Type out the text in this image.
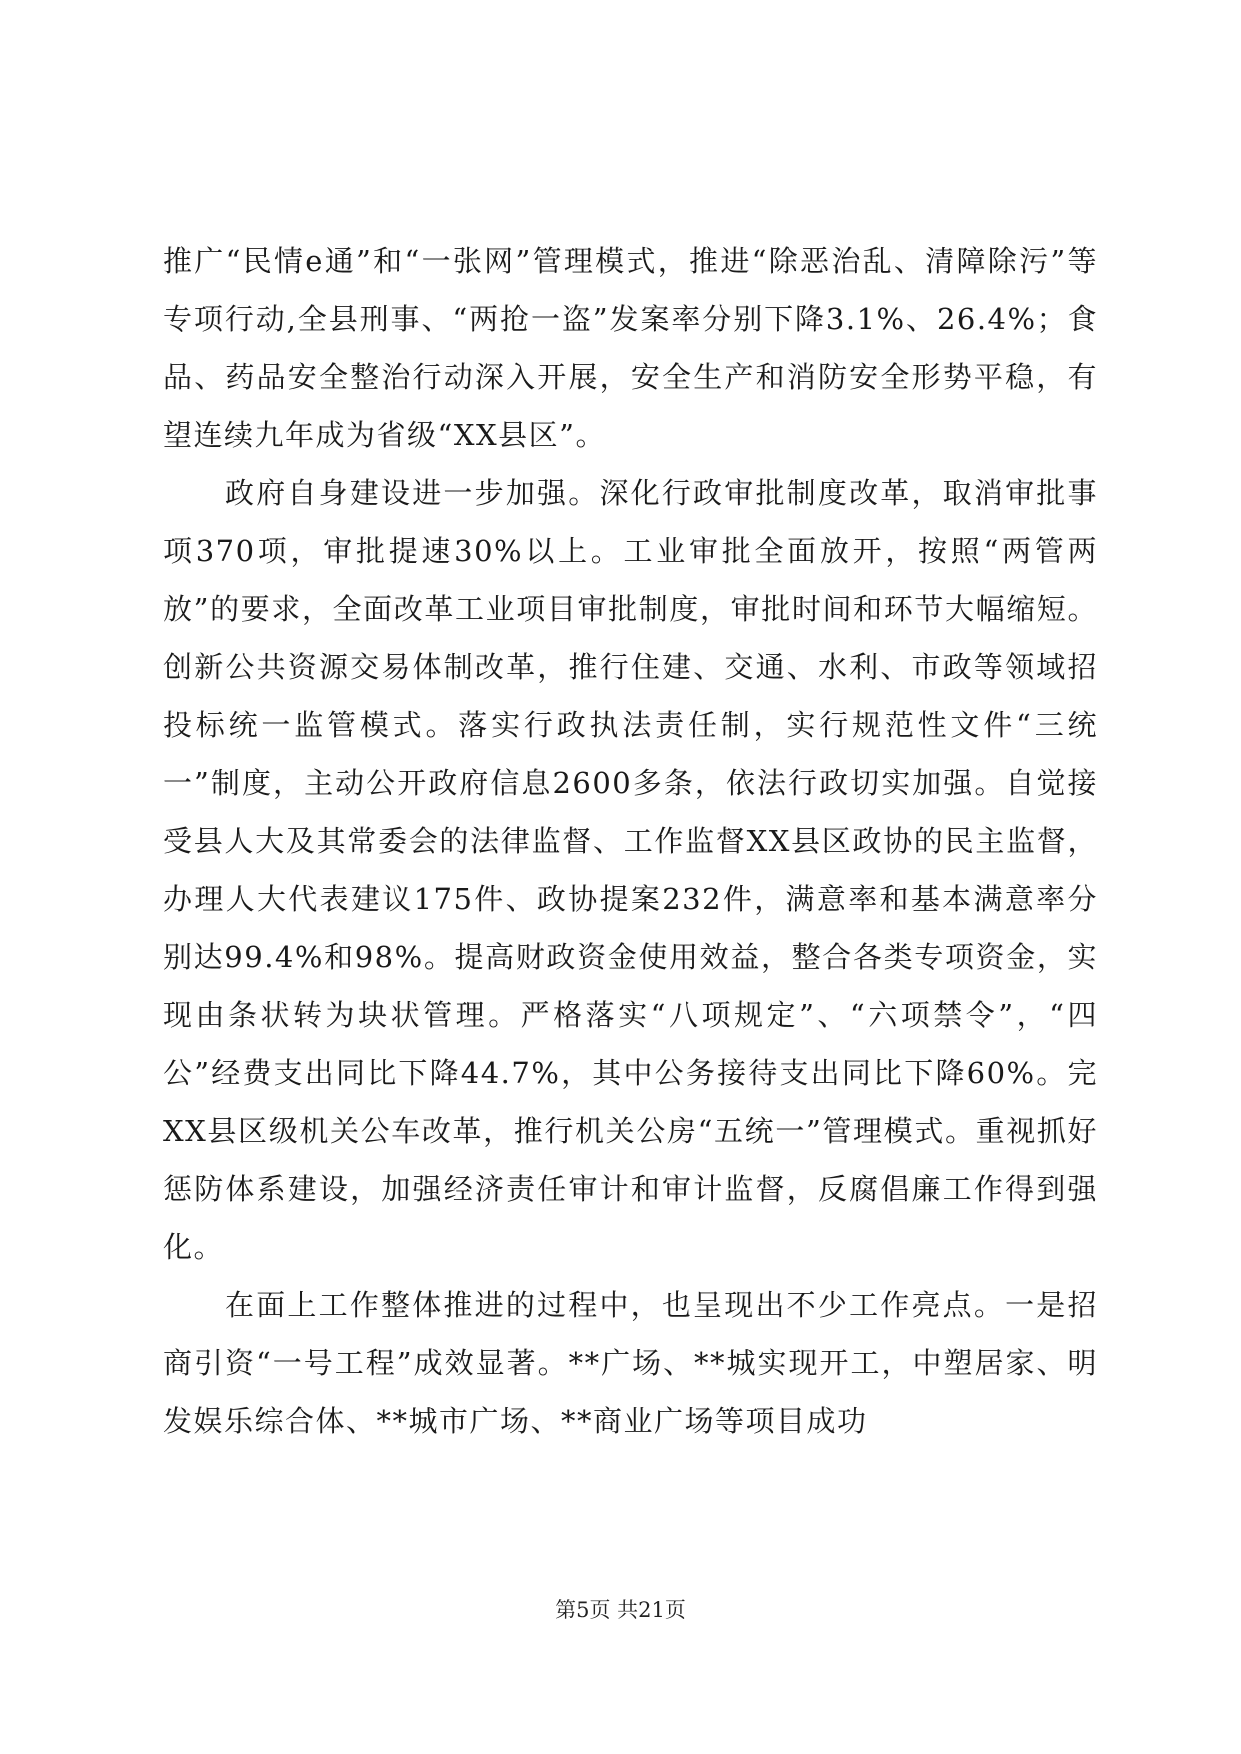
推广“民情e通”和“一张网”管理模式，推进“除恶治乱、清障除污”等专项行动,全县刑事、“两抢一盗”发案率分别下降3.1%、26.4%；食品、药品安全整治行动深入开展，安全生产和消防安全形势平稳，有望连续九年成为省级“XX县区”。

政府自身建设进一步加强。深化行政审批制度改革，取消审批事项370项，审批提速30%以上。工业审批全面放开，按照“两管两放”的要求，全面改革工业项目审批制度，审批时间和环节大幅缩短。创新公共资源交易体制改革，推行住建、交通、水利、市政等领域招投标统一监管模式。落实行政执法责任制，实行规范性文件“三统一”制度，主动公开政府信息2600多条，依法行政切实加强。自觉接受县人大及其常委会的法律监督、工作监督XX县区政协的民主监督，办理人大代表建议175件、政协提案232件，满意率和基本满意率分别达99.4%和98%。提高财政资金使用效益，整合各类专项资金，实现由条状转为块状管理。严格落实“八项规定”、“六项禁令”，“四公”经费支出同比下降44.7%，其中公务接待支出同比下降60%。完XX县区级机关公车改革，推行机关公房“五统一”管理模式。重视抓好惩防体系建设，加强经济责任审计和审计监督，反腐倡廉工作得到强化。

在面上工作整体推进的过程中，也呈现出不少工作亮点。一是招商引资“一号工程”成效显著。**广场、**城实现开工，中塑居家、明发娱乐综合体、**城市广场、**商业广场等项目成功

第5页 共21页
